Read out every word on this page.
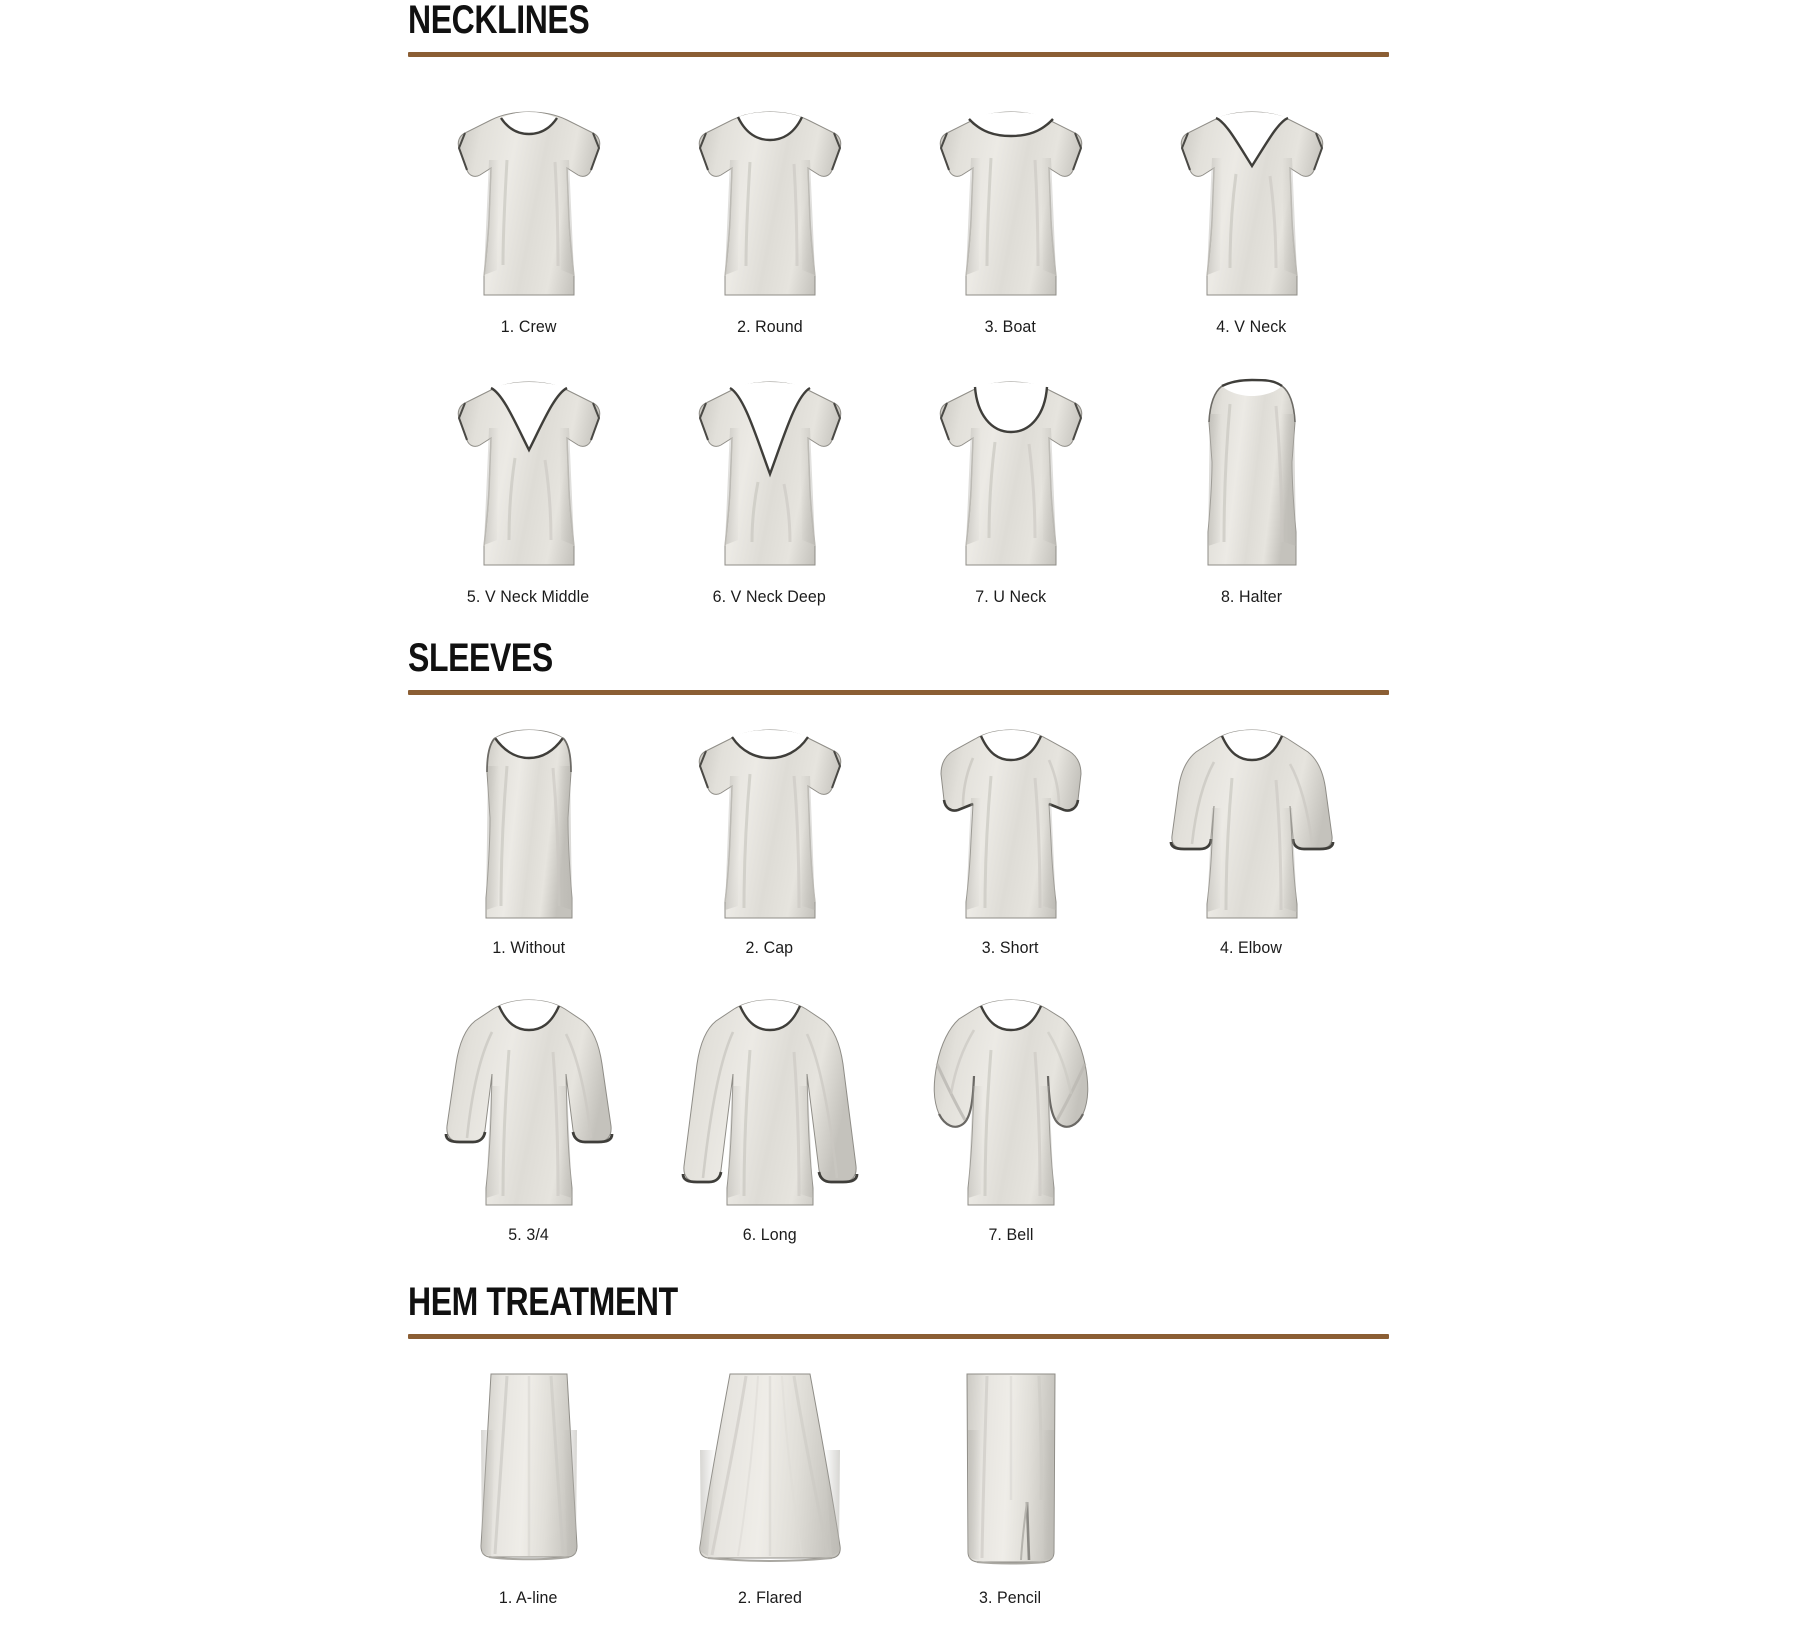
NECKLINES
1. Crew	2. Round	3. Boat	4. V Neck
5. V Neck Middle	6. V Neck Deep	7. U Neck	8. Halter
SLEEVES
1. Without	2. Cap	3. Short	4. Elbow
5. 3/4	6. Long	7. Bell
HEM TREATMENT
1. A-line	2. Flared	3. Pencil
